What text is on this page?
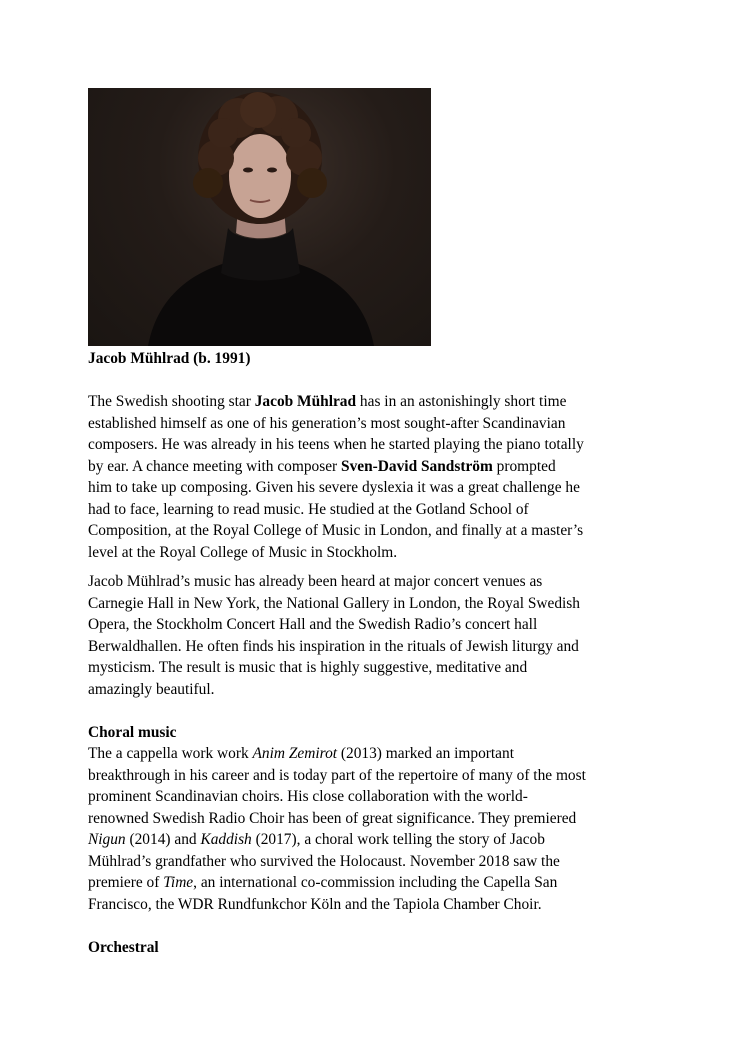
Jacob Mühlrad (b. 1991)

The Swedish shooting star Jacob Mühlrad has in an astonishingly short time
established himself as one of his generation’s most sought-after Scandinavian
composers. He was already in his teens when he started playing the piano totally
by ear. A chance meeting with composer Sven-David Sandström prompted
him to take up composing. Given his severe dyslexia it was a great challenge he
had to face, learning to read music. He studied at the Gotland School of
Composition, at the Royal College of Music in London, and finally at a master’s
level at the Royal College of Music in Stockholm.

Jacob Mühlrad’s music has already been heard at major concert venues as
Carnegie Hall in New York, the National Gallery in London, the Royal Swedish
Opera, the Stockholm Concert Hall and the Swedish Radio’s concert hall
Berwaldhallen. He often finds his inspiration in the rituals of Jewish liturgy and
mysticism. The result is music that is highly suggestive, meditative and
amazingly beautiful.

Choral music

The a cappella work work Anim Zemirot (2013) marked an important
breakthrough in his career and is today part of the repertoire of many of the most
prominent Scandinavian choirs. His close collaboration with the world-
renowned Swedish Radio Choir has been of great significance. They premiered
Nigun (2014) and Kaddish (2017), a choral work telling the story of Jacob
Mühlrad’s grandfather who survived the Holocaust. November 2018 saw the
premiere of Time, an international co-commission including the Capella San
Francisco, the WDR Rundfunkchor Köln and the Tapiola Chamber Choir.

Orchestral
